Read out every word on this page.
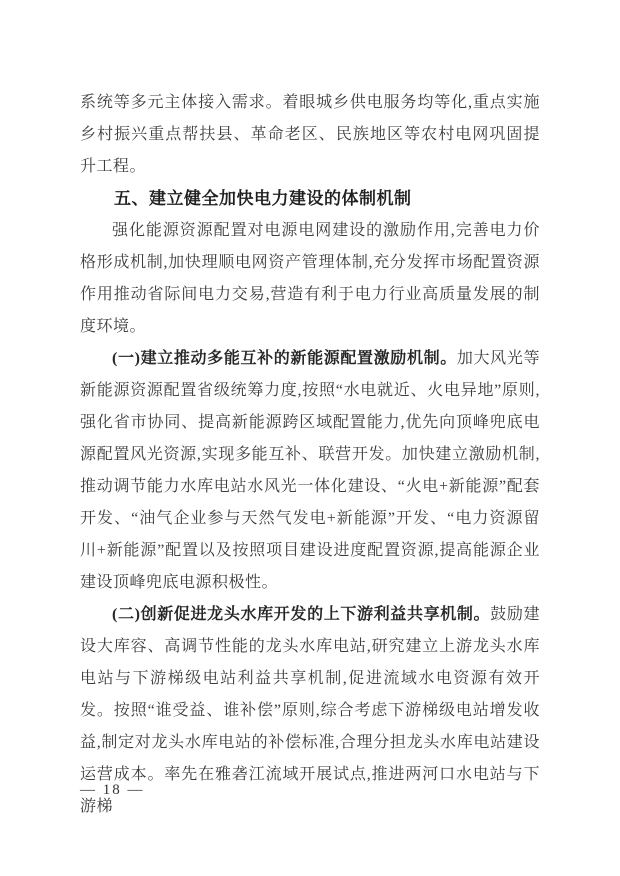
系统等多元主体接入需求。着眼城乡供电服务均等化,重点实施乡村振兴重点帮扶县、革命老区、民族地区等农村电网巩固提升工程。

五、建立健全加快电力建设的体制机制

强化能源资源配置对电源电网建设的激励作用,完善电力价格形成机制,加快理顺电网资产管理体制,充分发挥市场配置资源作用推动省际间电力交易,营造有利于电力行业高质量发展的制度环境。

(一)建立推动多能互补的新能源配置激励机制。加大风光等新能源资源配置省级统筹力度,按照“水电就近、火电异地”原则,强化省市协同、提高新能源跨区域配置能力,优先向顶峰兜底电源配置风光资源,实现多能互补、联营开发。加快建立激励机制,推动调节能力水库电站水风光一体化建设、“火电+新能源”配套开发、“油气企业参与天然气发电+新能源”开发、“电力资源留川+新能源”配置以及按照项目建设进度配置资源,提高能源企业建设顶峰兜底电源积极性。

(二)创新促进龙头水库开发的上下游利益共享机制。鼓励建设大库容、高调节性能的龙头水库电站,研究建立上游龙头水库电站与下游梯级电站利益共享机制,促进流域水电资源有效开发。按照“谁受益、谁补偿”原则,综合考虑下游梯级电站增发收益,制定对龙头水库电站的补偿标准,合理分担龙头水库电站建设运营成本。率先在雅砻江流域开展试点,推进两河口水电站与下游梯

— 18 —
